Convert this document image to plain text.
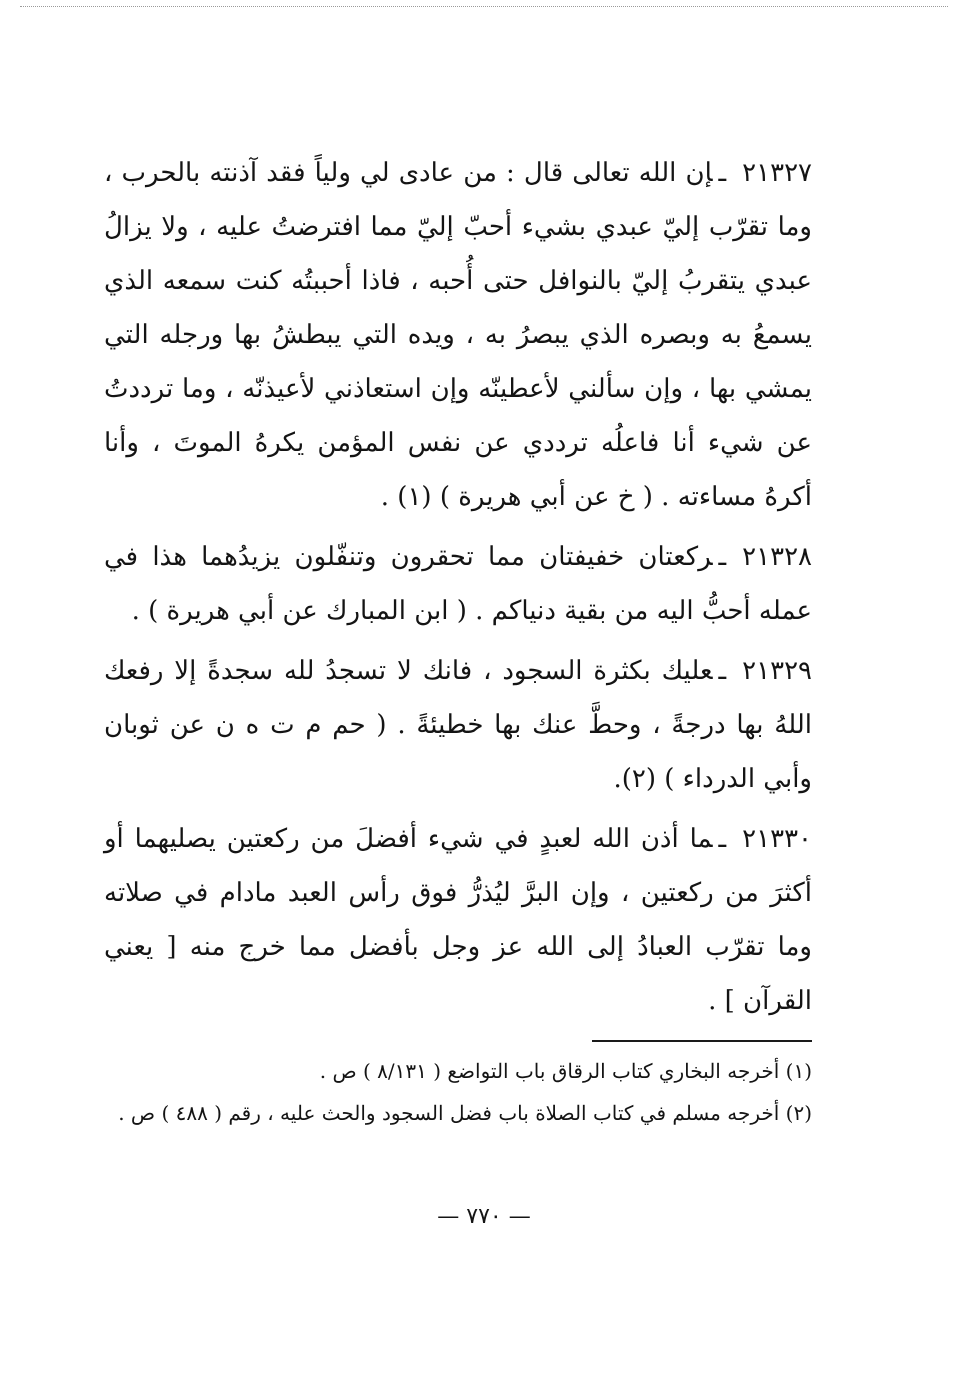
٢١٣٢٧ـإن الله تعالى قال : من عادى لي ولياً فقد آذنته بالحرب ، وما تقرّب إليّ عبدي بشيء أحبّ إليّ مما افترضتُ عليه ، ولا يزالُ عبدي يتقربُ إليّ بالنوافل حتى أُحبه ، فاذا أحببتُه كنت سمعه الذي يسمعُ به وبصره الذي يبصرُ به ، ويده التي يبطشُ بها ورجله التي يمشي بها ، وإن سألني لأعطينّه وإن استعاذني لأعيذنّه ، وما ترددتُ عن شيء أنا فاعلُه ترددي عن نفس المؤمن يكرهُ الموتَ ، وأنا أكرهُ مساءته . ( خ عن أبي هريرة ) (١) .

٢١٣٢٨ـركعتان خفيفتان مما تحقرون وتنفّلون يزيدُهما هذا في عمله أحبُّ اليه من بقية دنياكم . ( ابن المبارك عن أبي هريرة ) .

٢١٣٢٩ـعليك بكثرة السجود ، فانك لا تسجدُ لله سجدةً إلا رفعك اللهُ بها درجةً ، وحطَّ عنك بها خطيئةً . ( حم م ت ه ن عن ثوبان وأبي الدرداء ) (٢).

٢١٣٣٠ـما أذن الله لعبدٍ في شيء أفضلَ من ركعتين يصليهما أو أكثرَ من ركعتين ، وإن البرَّ ليُذرُّ فوق رأس العبد مادام في صلاته وما تقرّب العبادُ إلى الله عز وجل بأفضل مما خرج منه [ يعني القرآن ] .

(١) أخرجه البخاري كتاب الرقاق باب التواضع ( ٨/١٣١ ) ص .

(٢) أخرجه مسلم في كتاب الصلاة باب فضل السجود والحث عليه ، رقم ( ٤٨٨ ) ص .

— ٧٧٠ —
